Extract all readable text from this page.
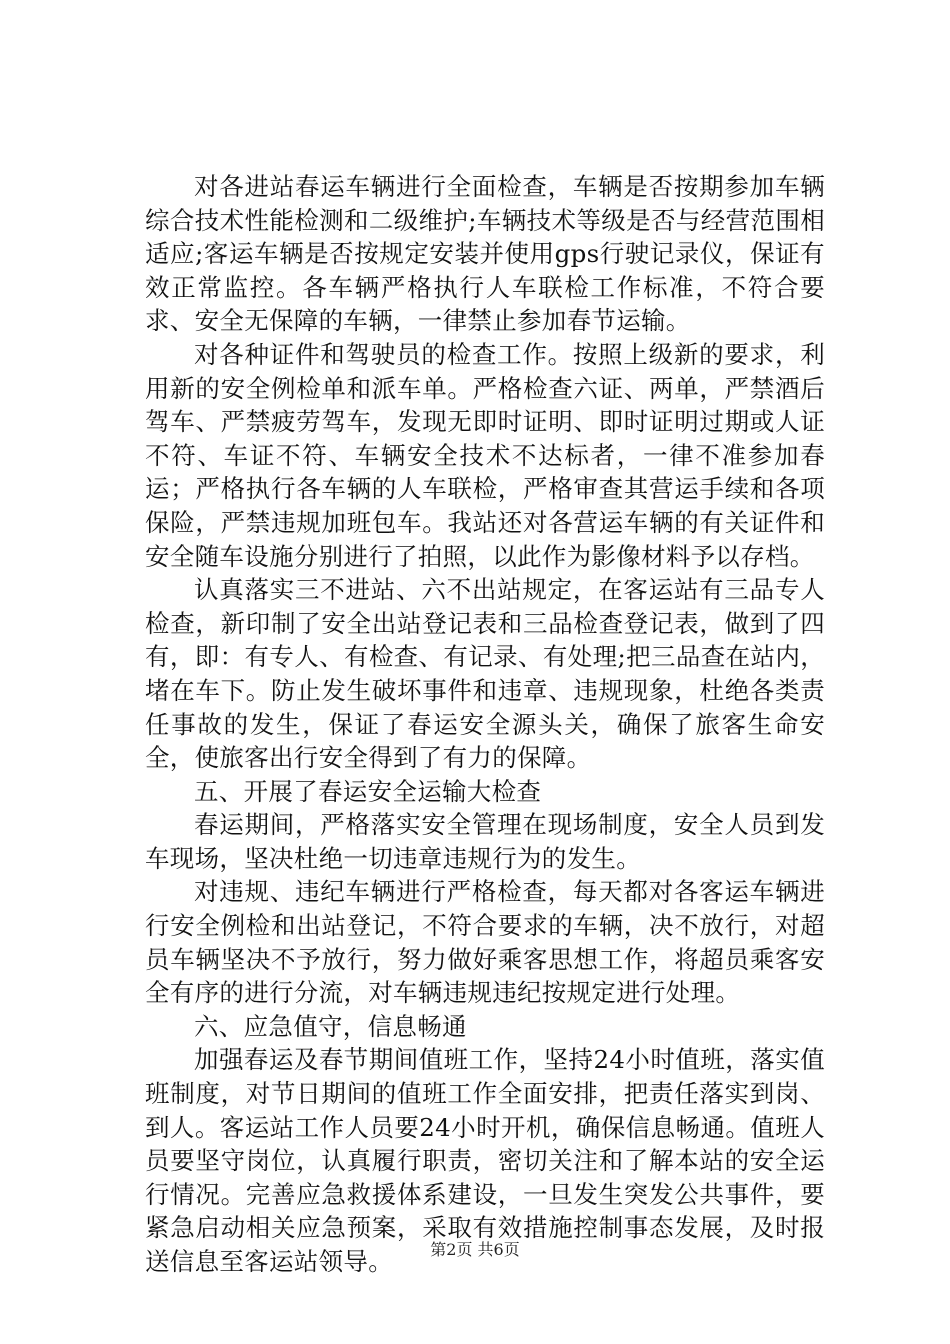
对各进站春运车辆进行全面检查，车辆是否按期参加车辆综合技术性能检测和二级维护;车辆技术等级是否与经营范围相适应;客运车辆是否按规定安装并使用gps行驶记录仪，保证有效正常监控。各车辆严格执行人车联检工作标准，不符合要求、安全无保障的车辆，一律禁止参加春节运输。

对各种证件和驾驶员的检查工作。按照上级新的要求，利用新的安全例检单和派车单。严格检查六证、两单，严禁酒后驾车、严禁疲劳驾车，发现无即时证明、即时证明过期或人证不符、车证不符、车辆安全技术不达标者，一律不准参加春运；严格执行各车辆的人车联检，严格审查其营运手续和各项保险，严禁违规加班包车。我站还对各营运车辆的有关证件和安全随车设施分别进行了拍照，以此作为影像材料予以存档。

认真落实三不进站、六不出站规定，在客运站有三品专人检查，新印制了安全出站登记表和三品检查登记表，做到了四有，即：有专人、有检查、有记录、有处理;把三品查在站内，堵在车下。防止发生破坏事件和违章、违规现象，杜绝各类责任事故的发生，保证了春运安全源头关，确保了旅客生命安全，使旅客出行安全得到了有力的保障。

五、开展了春运安全运输大检查

春运期间，严格落实安全管理在现场制度，安全人员到发车现场，坚决杜绝一切违章违规行为的发生。

对违规、违纪车辆进行严格检查，每天都对各客运车辆进行安全例检和出站登记，不符合要求的车辆，决不放行，对超员车辆坚决不予放行，努力做好乘客思想工作，将超员乘客安全有序的进行分流，对车辆违规违纪按规定进行处理。

六、应急值守，信息畅通

加强春运及春节期间值班工作，坚持24小时值班，落实值班制度，对节日期间的值班工作全面安排，把责任落实到岗、到人。客运站工作人员要24小时开机，确保信息畅通。值班人员要坚守岗位，认真履行职责，密切关注和了解本站的安全运行情况。完善应急救援体系建设，一旦发生突发公共事件，要紧急启动相关应急预案，采取有效措施控制事态发展，及时报送信息至客运站领导。	第2页 共6页
